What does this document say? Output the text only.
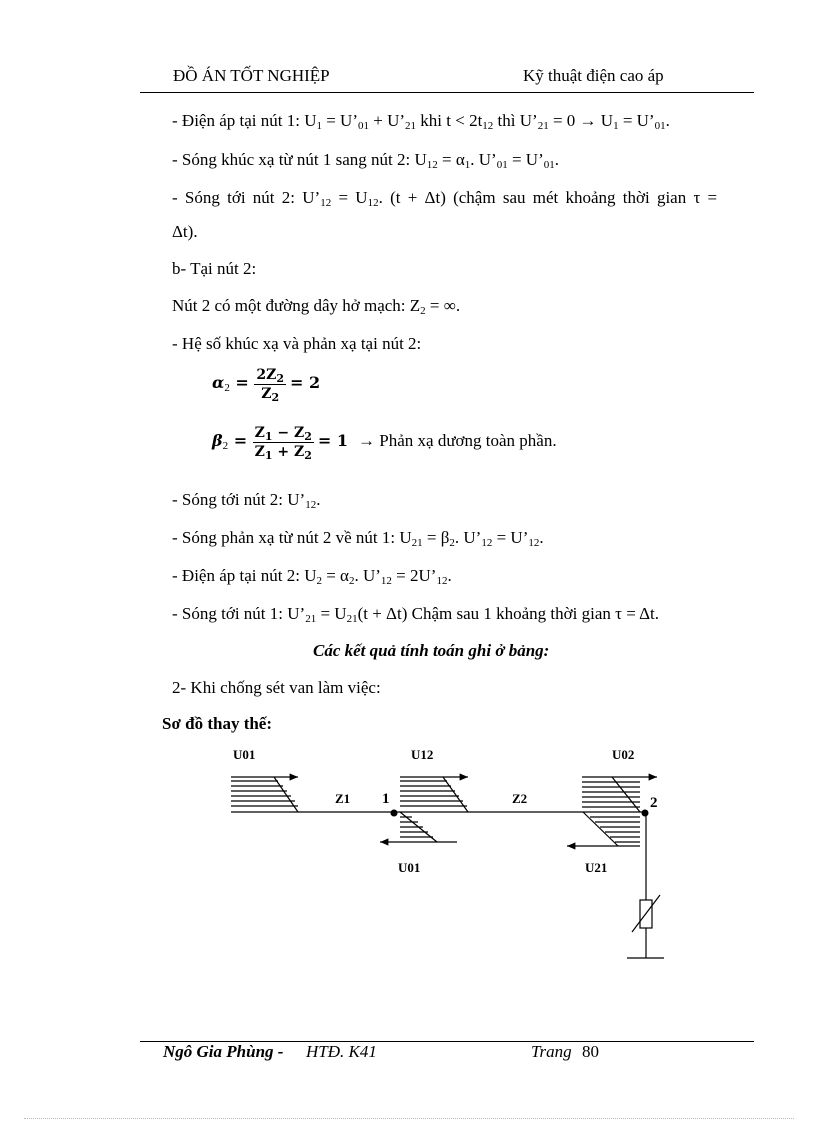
ĐỒ ÁN TỐT NGHIỆP	Kỹ thuật điện cao áp
- Điện áp tại nút 1: $U_1$ = $U’_{01}$ + $U’_{21}$ khi $t < 2t_{12}$ thì $U’_{21} = 0 \to U_1$ = $U’_{01}$.
- Sóng khúc xạ từ nút 1 sang nút 2: $U_{12} = \alpha_1$. $U’_{01}$ = $U’_{01}$.
- Sóng tới nút 2: $U’_{12} = U_{12}$. (t + Δt) (chậm sau mét khoảng thời gian τ =
Δt).
b- Tại nút 2:
Nút 2 có một đường dây hở mạch: $Z_2$ = ∞.
- Hệ số khúc xạ và phản xạ tại nút 2:
$\alpha_2 = \frac{2Z_2}{Z_2} = 2$
$\beta_2 = \frac{Z_1 - Z_2}{Z_1 + Z_2} = 1$ → Phản xạ dương toàn phần.
- Sóng tới nút 2: $U’_{12}$.
- Sóng phản xạ từ nút 2 về nút 1: $U_{21} = \beta_2$. $U’_{12}$ = $U’_{12}$.
- Điện áp tại nút 2: $U_2 = \alpha_2$. $U’_{12}$ = $2U’_{12}$.
- Sóng tới nút 1: $U’_{21} = U_{21}(t + \Delta t)$ Chậm sau 1 khoảng thời gian τ = Δt.
Các kết quả tính toán ghi ở bảng:
2- Khi chống sét van làm việc:
Sơ đồ thay thế:
U01	U12	U02
U01	U21
Z1	Z2
1	2
Ngô Gia Phùng - HTĐ. K41	Trang 80
